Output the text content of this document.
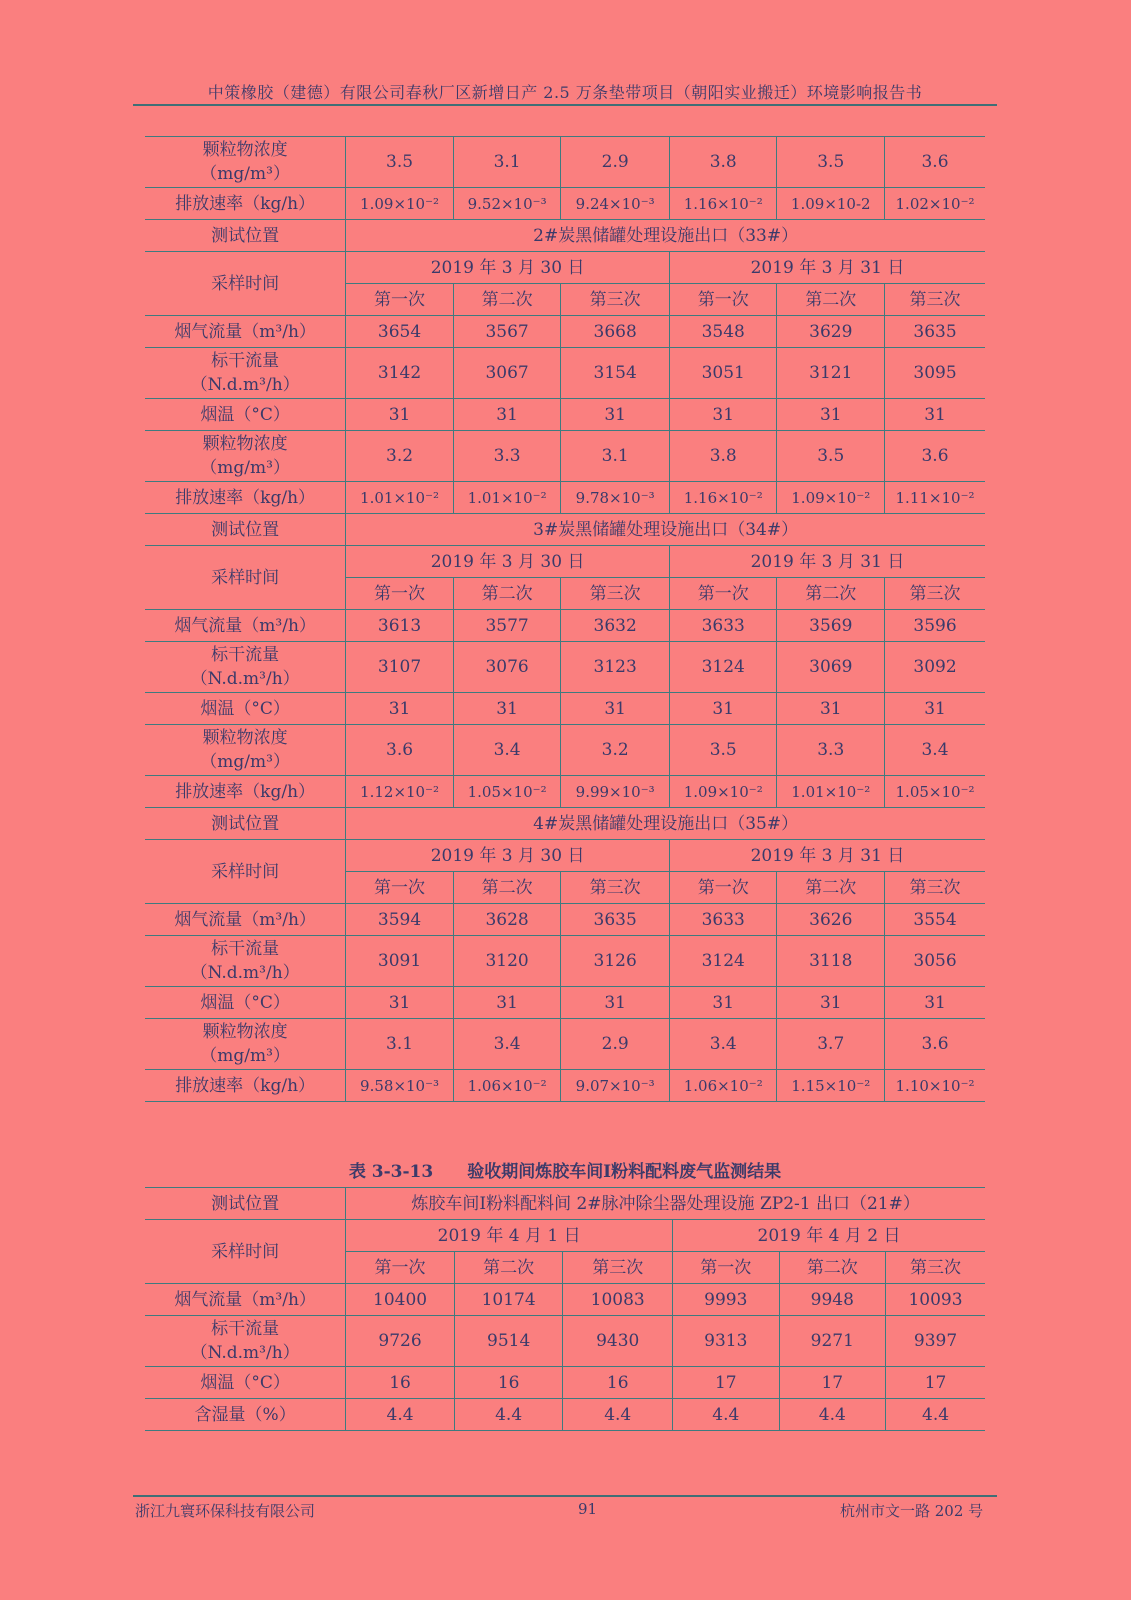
中策橡胶（建德）有限公司春秋厂区新增日产 2.5 万条垫带项目（朝阳实业搬迁）环境影响报告书
颗粒物浓度
（mg/m³）	3.5	3.1	2.9	3.8	3.5	3.6
排放速率（kg/h）	1.09×10⁻²	9.52×10⁻³	9.24×10⁻³	1.16×10⁻²	1.09×10-2	1.02×10⁻²
测试位置	2#炭黑储罐处理设施出口（33#）					
采样时间	2019 年 3 月 30 日			2019 年 3 月 31 日		
	第一次	第二次	第三次	第一次	第二次	第三次
烟气流量（m³/h）	3654	3567	3668	3548	3629	3635
标干流量
（N.d.m³/h）	3142	3067	3154	3051	3121	3095
烟温（°C）	31	31	31	31	31	31
颗粒物浓度
（mg/m³）	3.2	3.3	3.1	3.8	3.5	3.6
排放速率（kg/h）	1.01×10⁻²	1.01×10⁻²	9.78×10⁻³	1.16×10⁻²	1.09×10⁻²	1.11×10⁻²
测试位置	3#炭黑储罐处理设施出口（34#）					
采样时间	2019 年 3 月 30 日			2019 年 3 月 31 日		
	第一次	第二次	第三次	第一次	第二次	第三次
烟气流量（m³/h）	3613	3577	3632	3633	3569	3596
标干流量
（N.d.m³/h）	3107	3076	3123	3124	3069	3092
烟温（°C）	31	31	31	31	31	31
颗粒物浓度
（mg/m³）	3.6	3.4	3.2	3.5	3.3	3.4
排放速率（kg/h）	1.12×10⁻²	1.05×10⁻²	9.99×10⁻³	1.09×10⁻²	1.01×10⁻²	1.05×10⁻²
测试位置	4#炭黑储罐处理设施出口（35#）					
采样时间	2019 年 3 月 30 日			2019 年 3 月 31 日		
	第一次	第二次	第三次	第一次	第二次	第三次
烟气流量（m³/h）	3594	3628	3635	3633	3626	3554
标干流量
（N.d.m³/h）	3091	3120	3126	3124	3118	3056
烟温（°C）	31	31	31	31	31	31
颗粒物浓度
（mg/m³）	3.1	3.4	2.9	3.4	3.7	3.6
排放速率（kg/h）	9.58×10⁻³	1.06×10⁻²	9.07×10⁻³	1.06×10⁻²	1.15×10⁻²	1.10×10⁻²
表 3-3-13　　验收期间炼胶车间Ⅰ粉料配料废气监测结果
测试位置	炼胶车间Ⅰ粉料配料间 2#脉冲除尘器处理设施 ZP2-1 出口（21#）					
采样时间	2019 年 4 月 1 日			2019 年 4 月 2 日		
	第一次	第二次	第三次	第一次	第二次	第三次
烟气流量（m³/h）	10400	10174	10083	9993	9948	10093
标干流量
（N.d.m³/h）	9726	9514	9430	9313	9271	9397
烟温（°C）	16	16	16	17	17	17
含湿量（%）	4.4	4.4	4.4	4.4	4.4	4.4
浙江九寰环保科技有限公司	91	杭州市文一路 202 号
